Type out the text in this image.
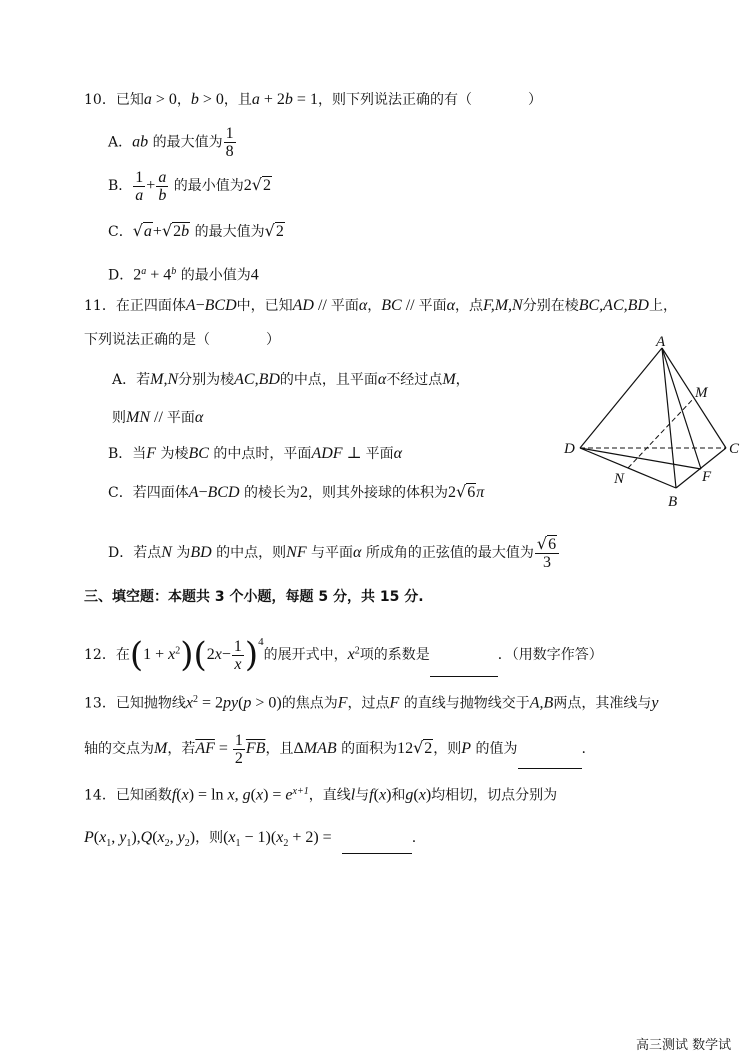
10．已知a > 0，b > 0，且a + 2b = 1，则下列说法正确的有（　　　　）
A．ab 的最大值为 $\frac{1}{8}$
B． $\frac{1}{a} + \frac{a}{b}$ 的最小值为2√2
C．√a+√2b 的最大值为√2
D．$2^a + 4^b$ 的最小值为4
11．在正四面体A−BCD中，已知AD // 平面α，BC // 平面α，点F,M,N分别在棱BC,AC,BD上，
下列说法正确的是（　　　　）
A．若M,N分别为棱AC,BD的中点，且平面α不经过点M，
则MN // 平面α
B．当F 为棱BC 的中点时，平面ADF ⊥ 平面α
C．若四面体A−BCD 的棱长为2，则其外接球的体积为2√6π
D．若点N 为BD 的中点，则NF 与平面α 所成角的正弦值的最大值为 $\frac{√6}{3}$
A
M
D	C
F
N
B
三、填空题：本题共 3 个小题，每题 5 分，共 15 分.
12．在$(1 + x^2)(2x- \frac{1}{x} )^4$的展开式中，$x^2$项的系数是	．（用数字作答）
13．已知抛物线$x^2 = 2py(p > 0)$的焦点为F，过点F 的直线与抛物线交于A,B两点，其准线与y
轴的交点为M，若$\overline{AF} = \frac{1}{2} \overline{FB}$，且ΔMAB 的面积为12√2，则P 的值为	.
14．已知函数f(x) = ln x, $g(x) = e^{x+1}$，直线l与f(x)和g(x)均相切，切点分别为
$P(x_1$, $y_1),Q(x_2$, $y_2$)，则$(x_1 - 1)(x_2 + 2)$ =	.
高三测试 数学试
